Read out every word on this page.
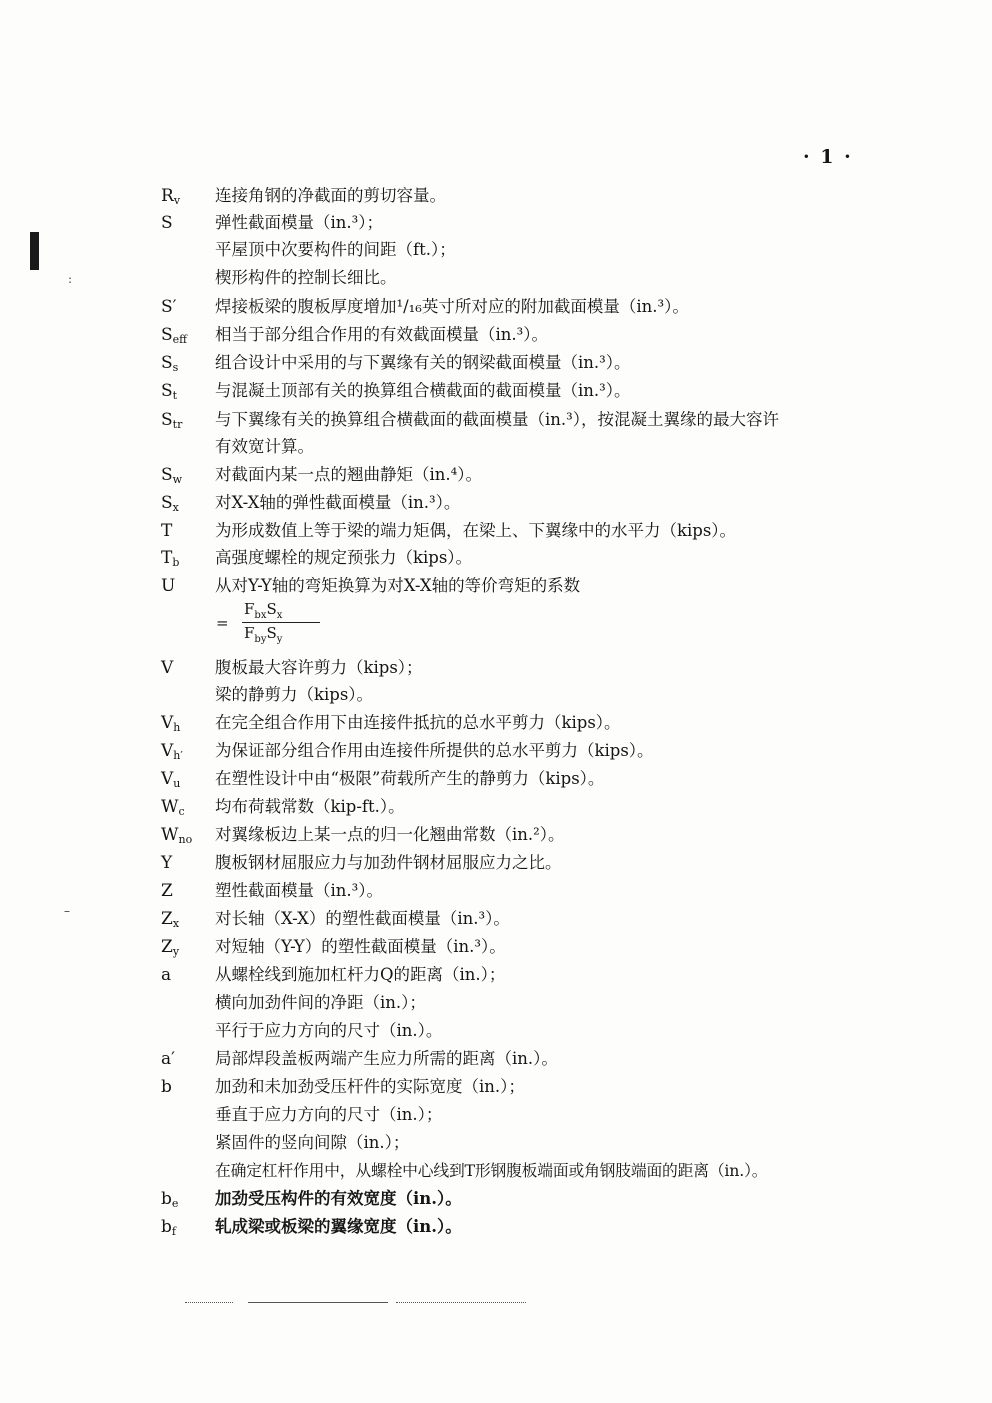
· 1 ·
:
–
$R_v$ 连接角钢的净截面的剪切容量。
S	弹性截面模量（in.³）；
平屋顶中次要构件的间距（ft.）；
楔形构件的控制长细比。
S′ 焊接板梁的腹板厚度增加¹/₁₆英寸所对应的附加截面模量（in.³）。
$S_{eff}$ 相当于部分组合作用的有效截面模量（in.³）。
$S_s$ 组合设计中采用的与下翼缘有关的钢梁截面模量（in.³）。
$S_t$ 与混凝土顶部有关的换算组合横截面的截面模量（in.³）。
$S_{tr}$ 与下翼缘有关的换算组合横截面的截面模量（in.³），按混凝土翼缘的最大容许
有效宽计算。
$S_w$ 对截面内某一点的翘曲静矩（in.⁴）。
$S_x$ 对X-X轴的弹性截面模量（in.³）。
T	为形成数值上等于梁的端力矩偶，在梁上、下翼缘中的水平力（kips）。
$T_b$ 高强度螺栓的规定预张力（kips）。
U 从对Y-Y轴的弯矩换算为对X-X轴的等价弯矩的系数
V	腹板最大容许剪力（kips）；
梁的静剪力（kips）。
$V_h$ 在完全组合作用下由连接件抵抗的总水平剪力（kips）。
$V_{h'}$ 为保证部分组合作用由连接件所提供的总水平剪力（kips）。
$V_u$ 在塑性设计中由“极限”荷载所产生的静剪力（kips）。
$W_c$ 均布荷载常数（kip-ft.）。
$W_{no}$ 对翼缘板边上某一点的归一化翘曲常数（in.²）。
Y	腹板钢材屈服应力与加劲件钢材屈服应力之比。
Z	塑性截面模量（in.³）。
$Z_x$ 对长轴（X-X）的塑性截面模量（in.³）。
$Z_y$ 对短轴（Y-Y）的塑性截面模量（in.³）。
a	从螺栓线到施加杠杆力Q的距离（in.）；
横向加劲件间的净距（in.）；
平行于应力方向的尺寸（in.）。
a′ 局部焊段盖板两端产生应力所需的距离（in.）。
b	加劲和未加劲受压杆件的实际宽度（in.）；
垂直于应力方向的尺寸（in.）；
紧固件的竖向间隙（in.）；
在确定杠杆作用中，从螺栓中心线到T形钢腹板端面或角钢肢端面的距离（in.）。
$b_e$ 加劲受压构件的有效宽度（in.）。
$b_f$ 轧成梁或板梁的翼缘宽度（in.）。
=
$F_{bx}S_x$
$F_{by}S_y$
